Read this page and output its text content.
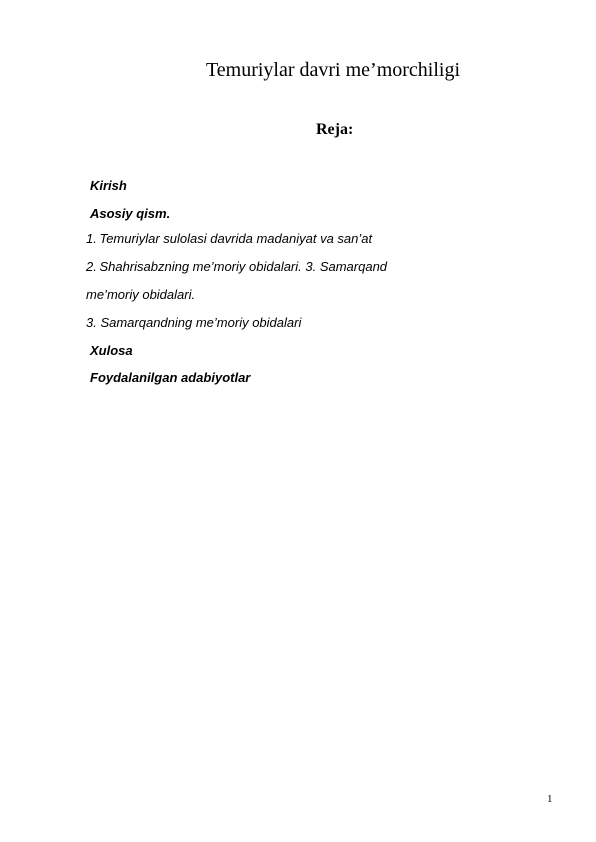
Temuriylar davri me’morchiligi
Reja:
Kirish
Asosiy qism.
1. Temuriylar sulolasi davrida madaniyat va san’at
2. Shahrisabzning me’moriy obidalari. 3. Samarqand
me’moriy obidalari.
3. Samarqandning me’moriy obidalari
Xulosa
Foydalanilgan adabiyotlar
1
